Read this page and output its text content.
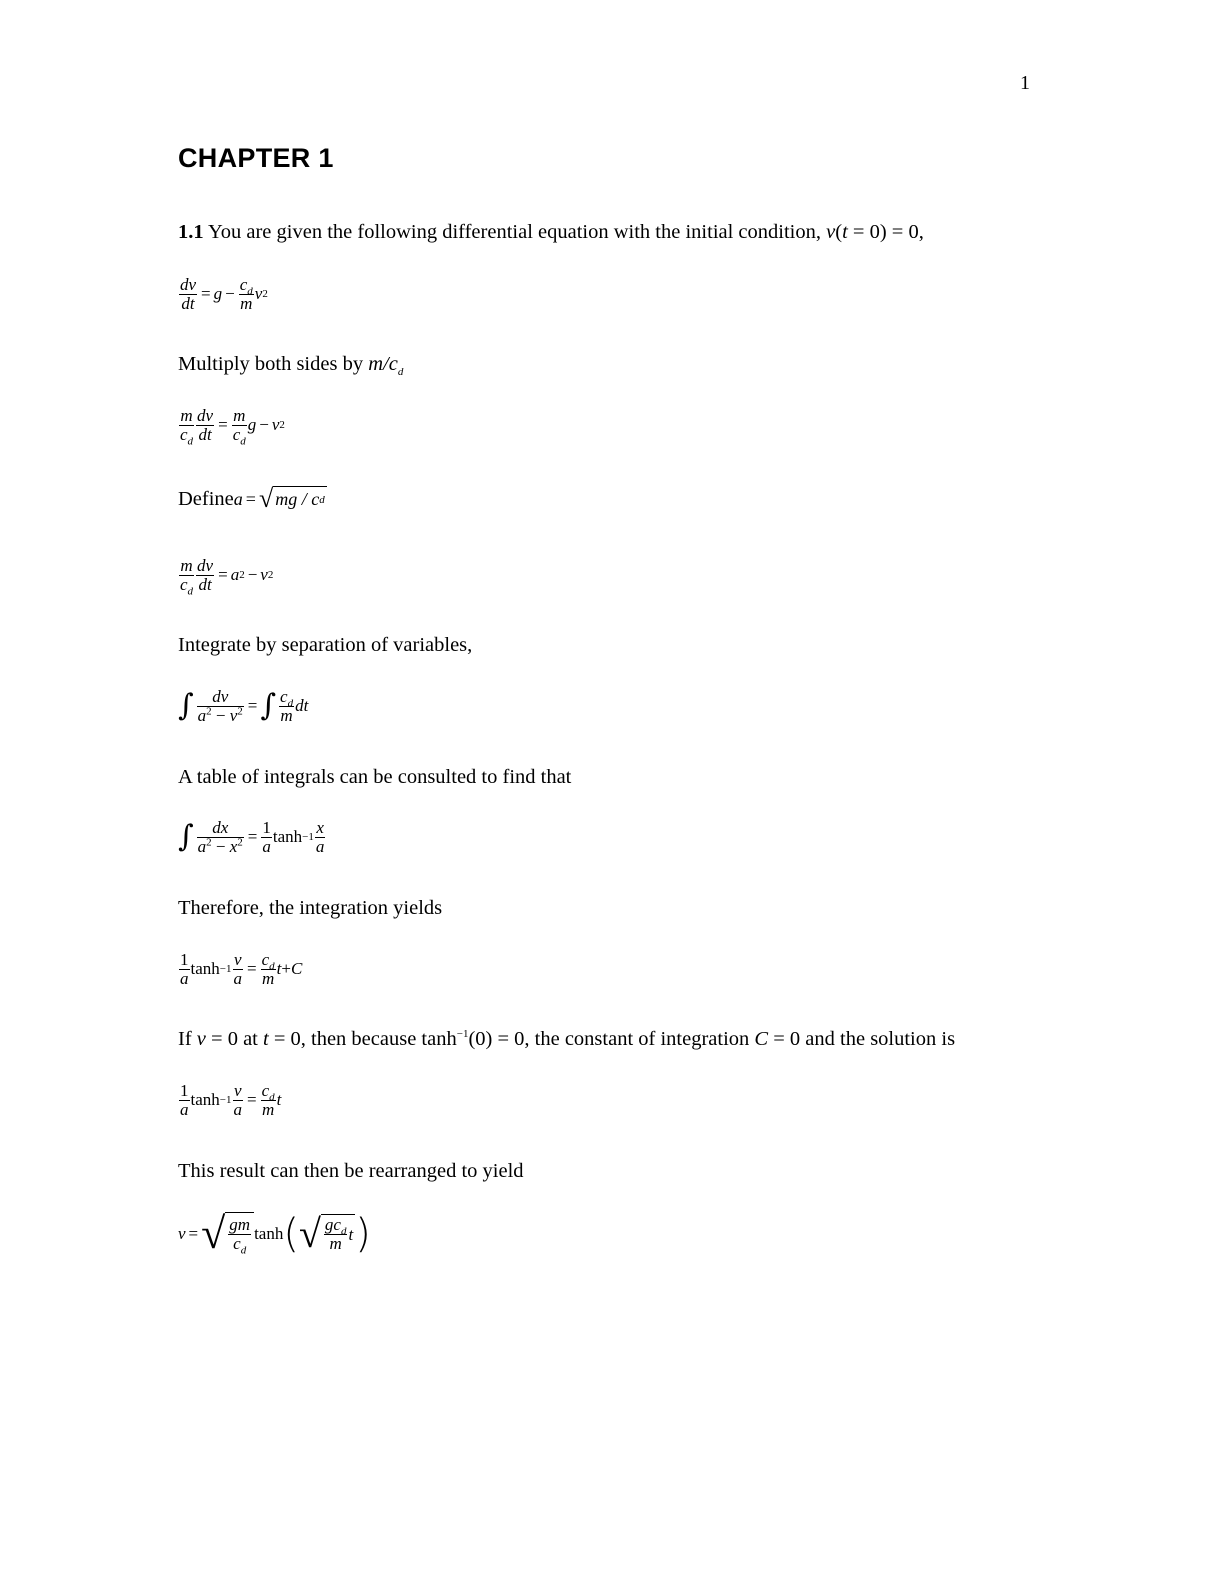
1
CHAPTER 1
1.1 You are given the following differential equation with the initial condition, v(t = 0) = 0,
$\frac{dv}{dt} = g - \frac{c_d}{m}$ v 2
Multiply both sides by $m/c_d$
$\frac{m}{c_d} \frac{dv}{dt} = \frac{m}{c_d}$ g − v 2
Define a = √ mg
/
c d
$\frac{m}{c_d} \frac{dv}{dt} = a$ 2 − v 2
Integrate by separation of variables,
∫ $\frac{dv}{a^2 - v^2}$ = ∫ $\frac{c_d}{m}$ dt
A table of integrals can be consulted to find that
∫ $\frac{dx}{a^2 - x^2} = \frac{1}{a}$ $\tanh -1 \frac{x}{a}$
Therefore, the integration yields
$\frac{1}{a}$ $\tanh -1 \frac{v}{a} = \frac{c_d}{m}$ t + C
If v = 0 at t = 0, then because $\tanh^{-1}(0) = 0$, the constant of integration C = 0 and the solution is
$\frac{1}{a}$ $\tanh -1 \frac{v}{a} = \frac{c_d}{m}$ t
This result can then be rearranged to yield
v = √ $\frac{gm}{c_d}$ tanh ( √ $\frac{gc_d}{m}$ t )
